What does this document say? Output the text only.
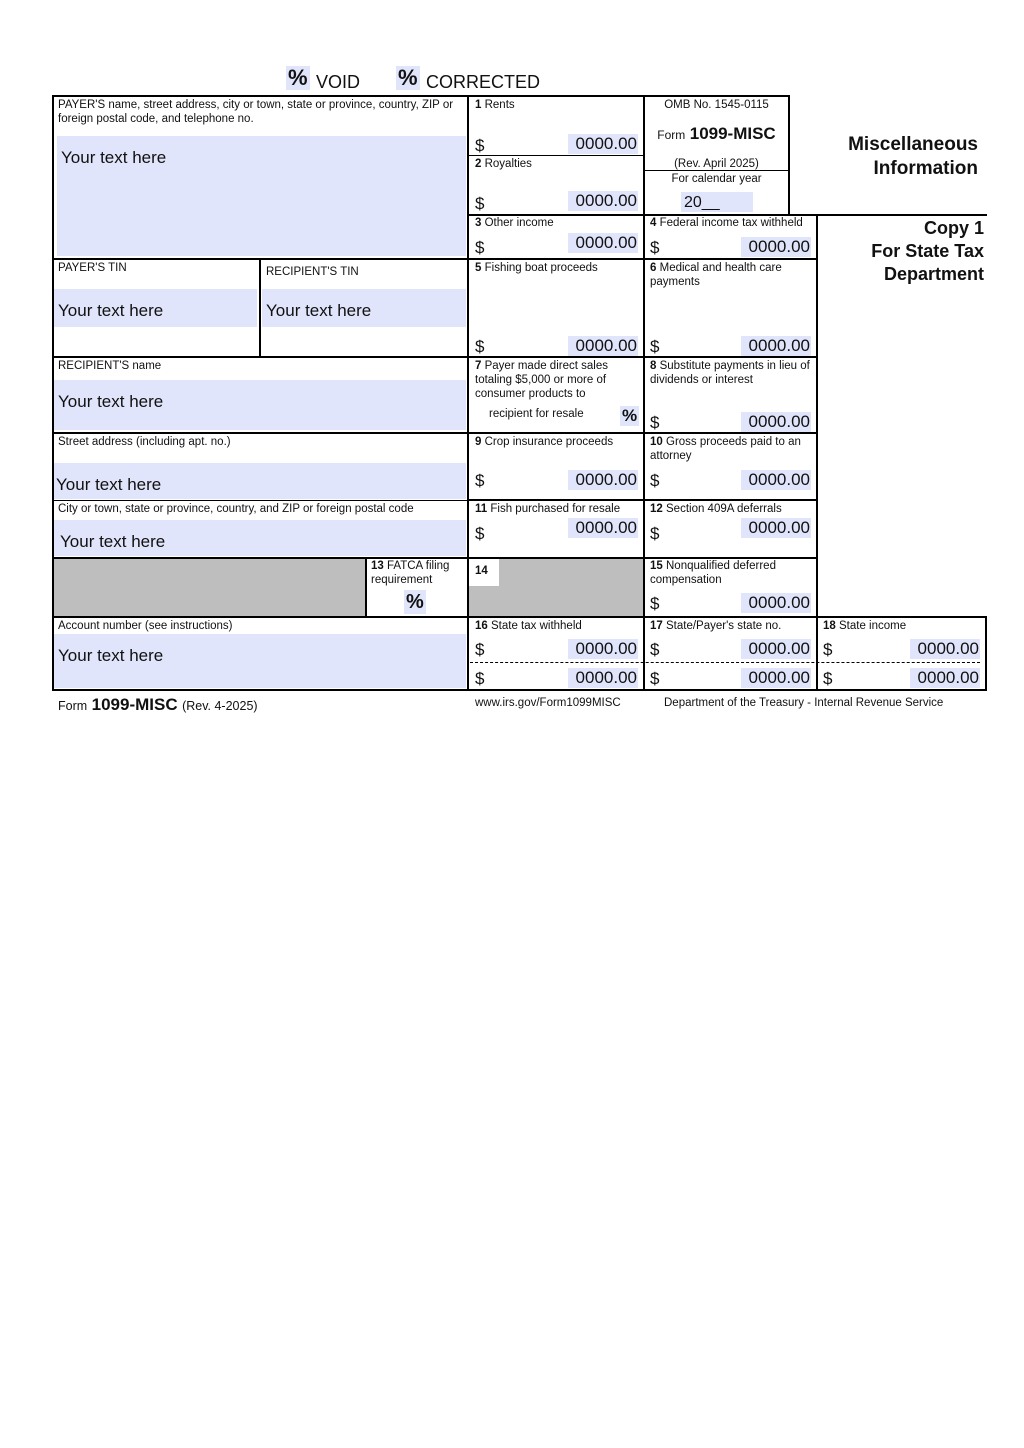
% VOID % CORRECTED
PAYER'S name, street address, city or town, state or province, country, ZIP or foreign postal code, and telephone no.
Your text here
PAYER'S TIN
Your text here
RECIPIENT'S TIN
Your text here
RECIPIENT'S name
Your text here
Street address (including apt. no.)
Your text here
City or town, state or province, country, and ZIP or foreign postal code
Your text here
Account number (see instructions)
Your text here
1 Rents
$	0000.00
2 Royalties
$	0000.00
OMB No. 1545-0115
Form 1099-MISC
(Rev. April 2025)
For calendar year
20__
Miscellaneous
Information
Copy 1
For State Tax
Department
3 Other income
$	0000.00
4 Federal income tax withheld
$	0000.00
5 Fishing boat proceeds
$	0000.00
6 Medical and health care payments
$	0000.00
7 Payer made direct sales totaling $5,000 or more of consumer products to
recipient for resale %
8 Substitute payments in lieu of dividends or interest
$	0000.00
9 Crop insurance proceeds
$	0000.00
10 Gross proceeds paid to an attorney
$	0000.00
11 Fish purchased for resale
$	0000.00
12 Section 409A deferrals
$	0000.00
13 FATCA filing requirement
%
14	15 Nonqualified deferred compensation
$	0000.00
16 State tax withheld
$	0000.00
$	0000.00
17 State/Payer's state no.
$	0000.00
$	0000.00
18 State income
$	0000.00
$	0000.00
Form 1099-MISC (Rev. 4-2025)	www.irs.gov/Form1099MISC	Department of the Treasury - Internal Revenue Service
